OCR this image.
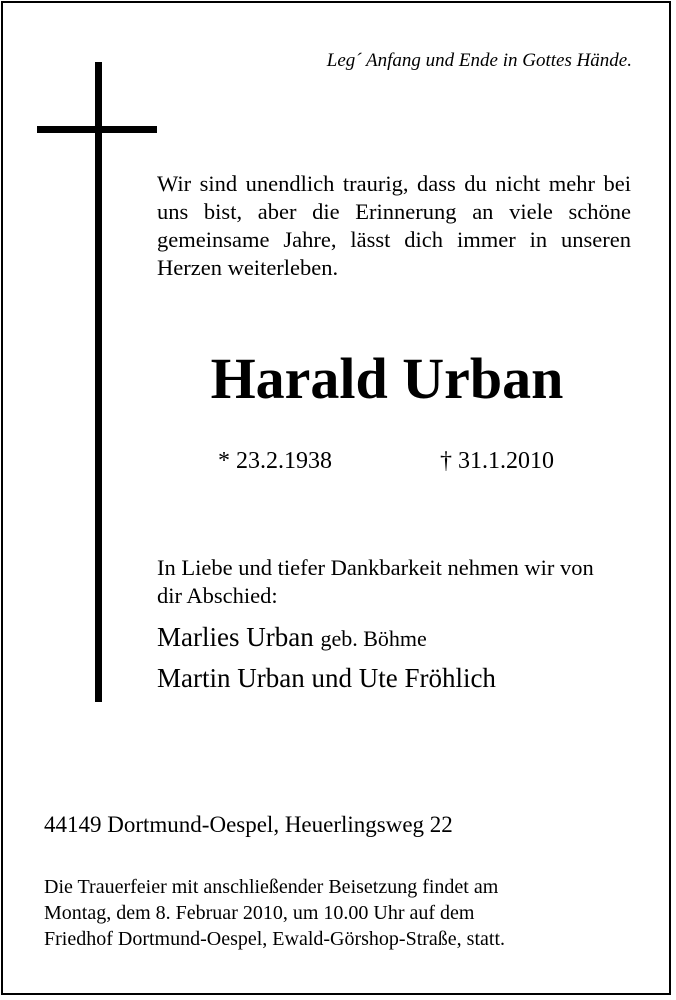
Leg´ Anfang und Ende in Gottes Hände.

Wir sind unendlich traurig, dass du nicht mehr bei uns bist, aber die Erinnerung an viele schöne gemeinsame Jahre, lässt dich immer in unseren Herzen weiterleben.

Harald Urban
* 23.2.1938	† 31.1.2010

In Liebe und tiefer Dankbarkeit nehmen wir von dir Abschied:

Marlies Urban geb. Böhme
Martin Urban und Ute Fröhlich
44149 Dortmund-Oespel, Heuerlingsweg 22

Die Trauerfeier mit anschließender Beisetzung findet am
Montag, dem 8. Februar 2010, um 10.00 Uhr auf dem
Friedhof Dortmund-Oespel, Ewald-Görshop-Straße, statt.
